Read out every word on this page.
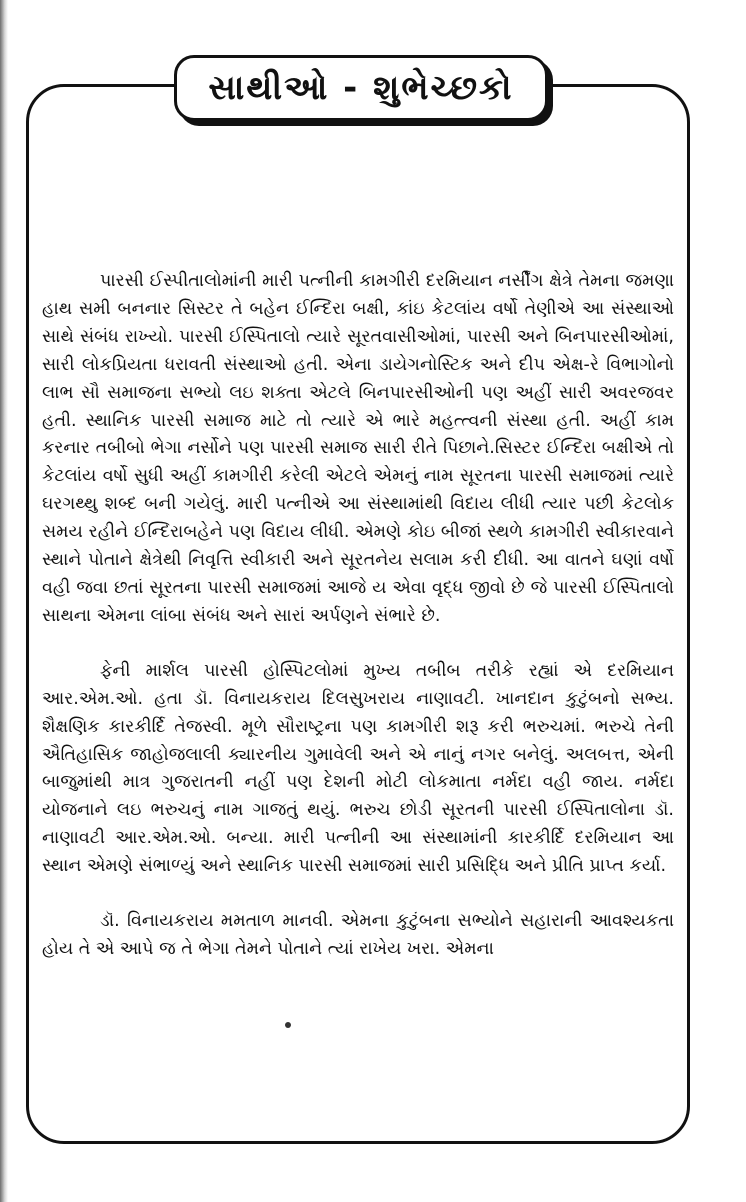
સાથીઓ - શુભેચ્છકો

પારસી ઈસ્પીતાલોમાંની મારી પત્નીની કામગીરી દરમિયાન નર્સીંગ ક્ષેત્રે તેમના જમણા હાથ સમી બનનાર સિસ્ટર તે બહેન ઈન્દિરા બક્ષી, કાંઇ કેટલાંય વર્ષો તેણીએ આ સંસ્થાઓ સાથે સંબંધ રાખ્યો. પારસી ઈસ્પિતાલો ત્યારે સૂરતવાસીઓમાં, પારસી અને બિનપારસીઓમાં, સારી લોકપ્રિયતા ધરાવતી સંસ્થાઓ હતી. એના ડાયેગનોસ્ટિક અને દીપ એક્ષ-રે વિભાગોનો લાભ સૌ સમાજના સભ્યો લઇ શક્તા એટલે બિનપારસીઓની પણ અહીં સારી અવરજવર હતી. સ્થાનિક પારસી સમાજ માટે તો ત્યારે એ ભારે મહત્ત્વની સંસ્થા હતી. અહીં કામ કરનાર તબીબો ભેગા નર્સોને પણ પારસી સમાજ સારી રીતે પિછાને.સિસ્ટર ઈન્દિરા બક્ષીએ તો કેટલાંય વર્ષો સુધી અહીં કામગીરી કરેલી એટલે એમનું નામ સૂરતના પારસી સમાજમાં ત્યારે ઘરગથ્થુ શબ્દ બની ગયેલું. મારી પત્નીએ આ સંસ્થામાંથી વિદાય લીધી ત્યાર પછી કેટલોક સમય રહીને ઈન્દિરાબહેને પણ વિદાય લીધી. એમણે કોઇ બીજાં સ્થળે કામગીરી સ્વીકારવાને સ્થાને પોતાને ક્ષેત્રેથી નિવૃત્તિ સ્વીકારી અને સૂરતનેય સલામ કરી દીધી. આ વાતને ઘણાં વર્ષો વહી જવા છતાં સૂરતના પારસી સમાજમાં આજે ય એવા વૃદ્ધ જીવો છે જે પારસી ઈસ્પિતાલો સાથના એમના લાંબા સંબંધ અને સારાં અર્પણને સંભારે છે.

ફેની માર્શલ પારસી હોસ્પિટલોમાં મુખ્ય તબીબ તરીકે રહ્યાં એ દરમિયાન આર.એમ.ઓ. હતા ડૉ. વિનાયકરાય દિલસુખરાય નાણાવટી. ખાનદાન કુટુંબનો સભ્ય. શૈક્ષણિક કારકીર્દિ તેજસ્વી. મૂળે સૌરાષ્ટ્રના પણ કામગીરી શરૂ કરી ભરુચમાં. ભરુચે તેની ઐતિહાસિક જાહોજલાલી ક્યારનીય ગુમાવેલી અને એ નાનું નગર બનેલું. અલબત્ત, એની બાજુમાંથી માત્ર ગુજરાતની નહીં પણ દેશની મોટી લોકમાતા નર્મદા વહી જાય. નર્મદા યોજનાને લઇ ભરુચનું નામ ગાજતું થયું. ભરુચ છોડી સૂરતની પારસી ઈસ્પિતાલોના ડૉ. નાણાવટી આર.એમ.ઓ. બન્યા. મારી પત્નીની આ સંસ્થામાંની કારકીર્દિ દરમિયાન આ સ્થાન એમણે સંભાળ્યું અને સ્થાનિક પારસી સમાજમાં સારી પ્રસિદ્ધિ અને પ્રીતિ પ્રાપ્ત કર્યા.

ડૉ. વિનાયકરાય મમતાળ માનવી. એમના કુટુંબના સભ્યોને સહારાની આવશ્યકતા હોય તે એ આપે જ તે ભેગા તેમને પોતાને ત્યાં રાખેય ખરા. એમના
